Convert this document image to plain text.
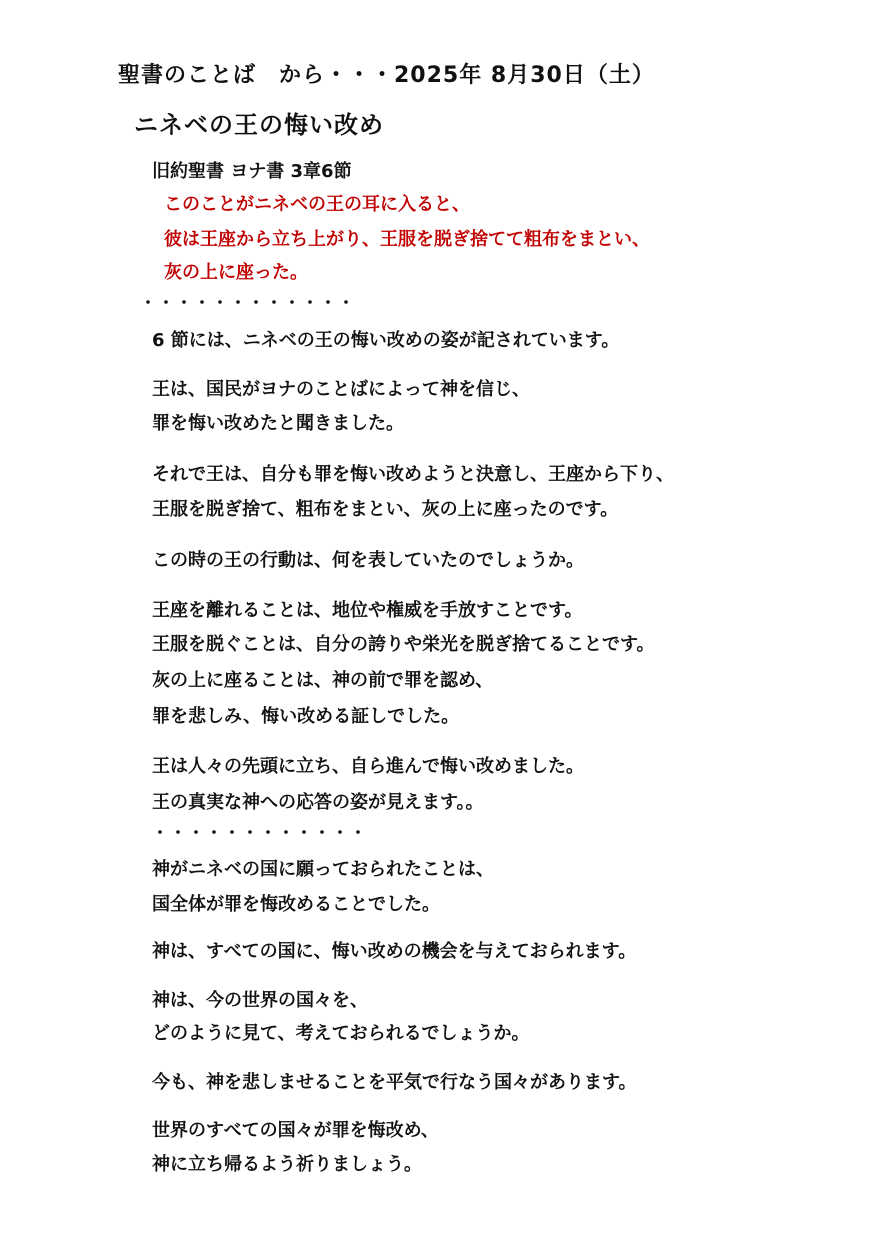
聖書のことば　から・・・2025年 8月30日（土）
ニネベの王の悔い改め
旧約聖書 ヨナ書 3章6節
このことがニネベの王の耳に入ると、
彼は王座から立ち上がり、王服を脱ぎ捨てて粗布をまとい、
灰の上に座った。
・・・・・・・・・・・・
6 節には、ニネベの王の悔い改めの姿が記されています。
王は、国民がヨナのことばによって神を信じ、
罪を悔い改めたと聞きました。
それで王は、自分も罪を悔い改めようと決意し、王座から下り、
王服を脱ぎ捨て、粗布をまとい、灰の上に座ったのです。
この時の王の行動は、何を表していたのでしょうか。
王座を離れることは、地位や権威を手放すことです。
王服を脱ぐことは、自分の誇りや栄光を脱ぎ捨てることです。
灰の上に座ることは、神の前で罪を認め、
罪を悲しみ、悔い改める証しでした。
王は人々の先頭に立ち、自ら進んで悔い改めました。
王の真実な神への応答の姿が見えます。。
・・・・・・・・・・・・
神がニネベの国に願っておられたことは、
国全体が罪を悔改めることでした。
神は、すべての国に、悔い改めの機会を与えておられます。
神は、今の世界の国々を、
どのように見て、考えておられるでしょうか。
今も、神を悲しませることを平気で行なう国々があります。
世界のすべての国々が罪を悔改め、
神に立ち帰るよう祈りましょう。
